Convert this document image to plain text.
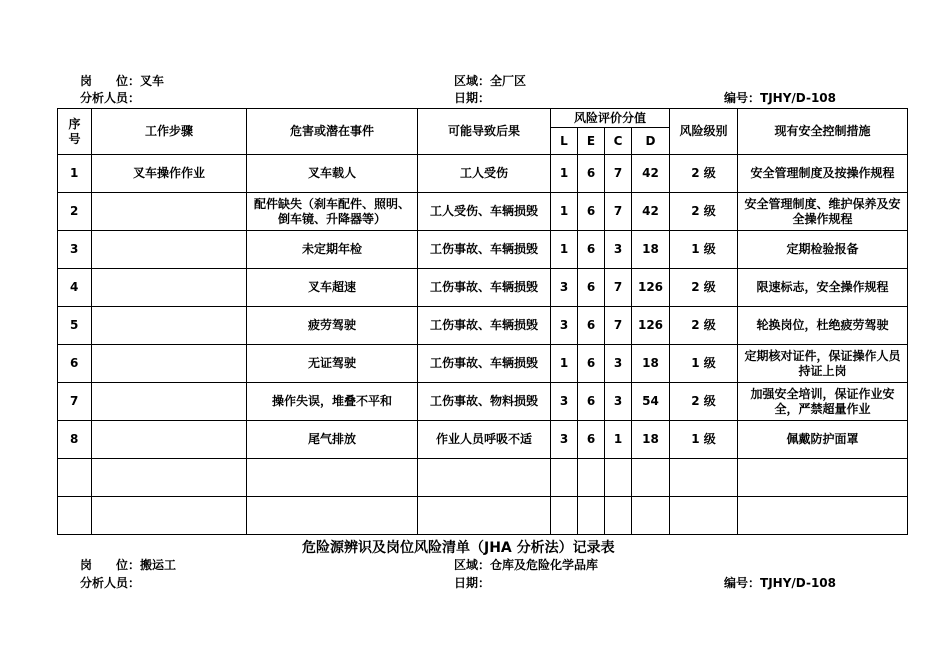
岗　　位：叉车	区域：全厂区
分析人员：	日期：	编号：TJHY/D-108
序
号	工作步骤	危害或潜在事件	可能导致后果	风险评价分值				风险级别	现有安全控制措施
				L	E	C	D		
1	叉车操作作业	叉车载人	工人受伤	1	6	7	42	2 级	安全管理制度及按操作规程
2		配件缺失（刹车配件、照明、倒车镜、升降器等）	工人受伤、车辆损毁	1	6	7	42	2 级	安全管理制度、维护保养及安全操作规程
3		未定期年检	工伤事故、车辆损毁	1	6	3	18	1 级	定期检验报备
4		叉车超速	工伤事故、车辆损毁	3	6	7	126	2 级	限速标志，安全操作规程
5		疲劳驾驶	工伤事故、车辆损毁	3	6	7	126	2 级	轮换岗位，杜绝疲劳驾驶
6		无证驾驶	工伤事故、车辆损毁	1	6	3	18	1 级	定期核对证件，保证操作人员持证上岗
7		操作失误，堆叠不平和	工伤事故、物料损毁	3	6	3	54	2 级	加强安全培训，保证作业安全，严禁超量作业
8		尾气排放	作业人员呼吸不适	3	6	1	18	1 级	佩戴防护面罩

危险源辨识及岗位风险清单（JHA 分析法）记录表
岗　　位：搬运工	区域：仓库及危险化学品库
分析人员：	日期：	编号：TJHY/D-108
